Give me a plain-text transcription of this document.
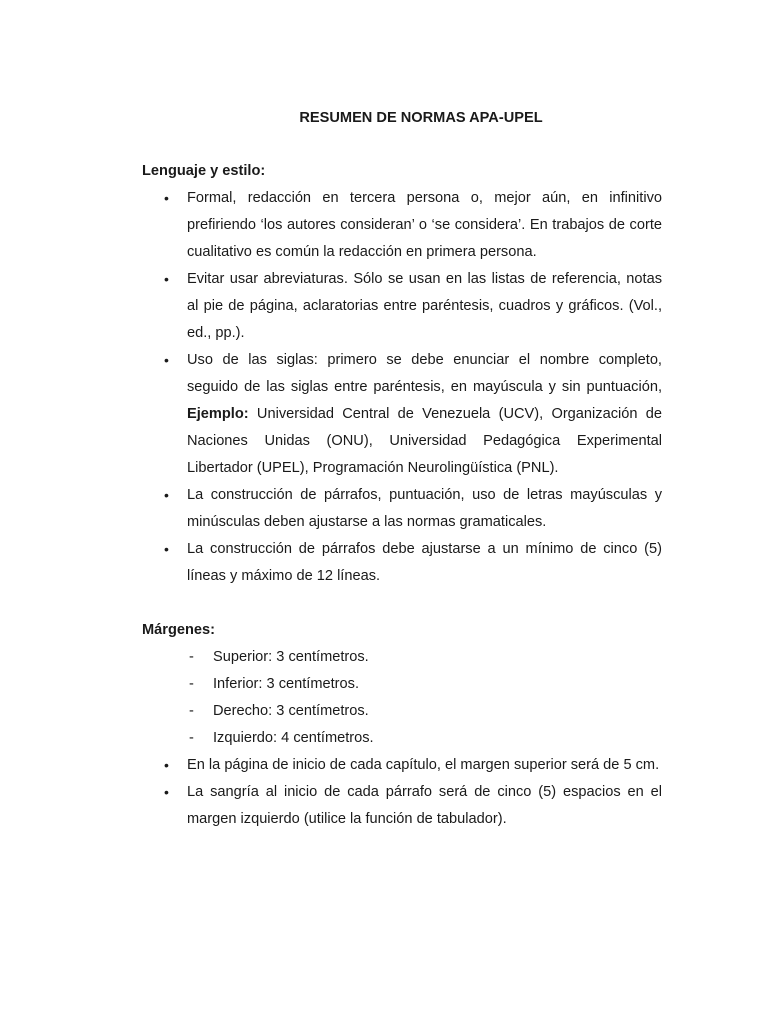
RESUMEN DE NORMAS APA-UPEL

Lenguaje y estilo:

• Formal, redacción en tercera persona o, mejor aún, en infinitivo prefiriendo ‘los autores consideran’ o ‘se considera’. En trabajos de corte cualitativo es común la redacción en primera persona.
• Evitar usar abreviaturas. Sólo se usan en las listas de referencia, notas al pie de página, aclaratorias entre paréntesis, cuadros y gráficos. (Vol., ed., pp.).
• Uso de las siglas: primero se debe enunciar el nombre completo, seguido de las siglas entre paréntesis, en mayúscula y sin puntuación, Ejemplo: Universidad Central de Venezuela (UCV), Organización de Naciones Unidas (ONU), Universidad Pedagógica Experimental Libertador (UPEL), Programación Neurolingüística (PNL).
• La construcción de párrafos, puntuación, uso de letras mayúsculas y minúsculas deben ajustarse a las normas gramaticales.
• La construcción de párrafos debe ajustarse a un mínimo de cinco (5) líneas y máximo de 12 líneas.

Márgenes:

- Superior: 3 centímetros.
- Inferior: 3 centímetros.
- Derecho: 3 centímetros.
- Izquierdo: 4 centímetros.
• En la página de inicio de cada capítulo, el margen superior será de 5 cm.
• La sangría al inicio de cada párrafo será de cinco (5) espacios en el margen izquierdo (utilice la función de tabulador).
